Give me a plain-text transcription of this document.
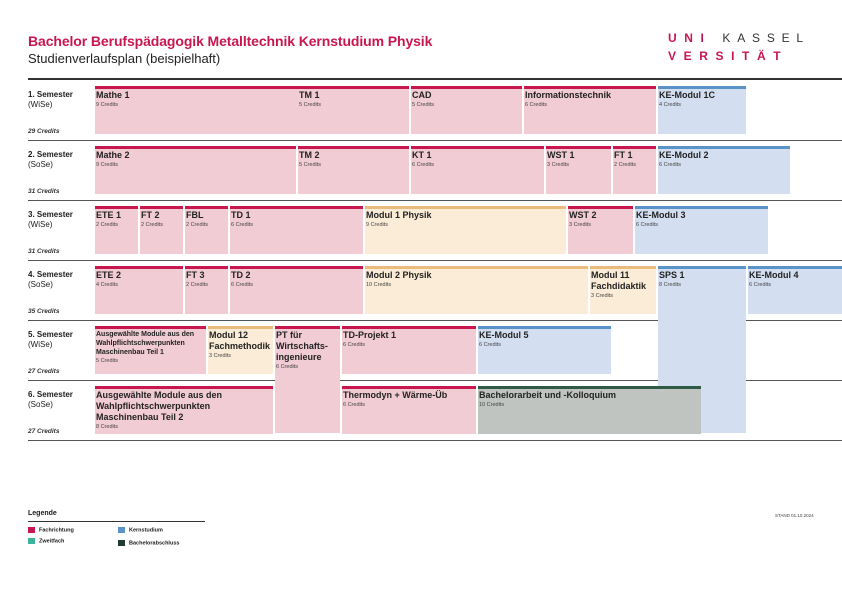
Bachelor Berufspädagogik Metalltechnik Kernstudium Physik
Studienverlaufsplan (beispielhaft)
UNI KASSEL
VERSITÄT
1. Semester
(WiSe)
29 Credits
2. Semester
(SoSe)
31 Credits
3. Semester
(WiSe)
31 Credits
4. Semester
(SoSe)
35 Credits
5. Semester
(WiSe)
27 Credits
6. Semester
(SoSe)
27 Credits
Mathe 1
9 Credits
TM 1
5 Credits
CAD
5 Credits
Informationstechnik
6 Credits
KE-Modul 1C
4 Credits
Mathe 2
9 Credits
TM 2
5 Credits
KT 1
6 Credits
WST 1
3 Credits
FT 1
2 Credits
KE-Modul 2
6 Credits
ETE 1
2 Credits
FT 2
2 Credits
FBL
2 Credits
TD 1
6 Credits
Modul 1 Physik
9 Credits
WST 2
3 Credits
KE-Modul 3
6 Credits
ETE 2
4 Credits
FT 3
2 Credits
TD 2
6 Credits
Modul 2 Physik
10 Credits
Modul 11
Fachdidaktik
3 Credits
SPS 1
8 Credits
KE-Modul 4
6 Credits
Ausgewählte Module aus den
Wahlpflichtschwerpunkten
Maschinenbau Teil 1
5 Credits
Modul 12
Fachmethodik
3 Credits
PT für
Wirtschafts-
ingenieure
6 Credits
TD-Projekt 1
6 Credits
KE-Modul 5
6 Credits
Ausgewählte Module aus den
Wahlpflichtschwerpunkten
Maschinenbau Teil 2
8 Credits
Thermodyn + Wärme-Üb
6 Credits
Bachelorarbeit und -Kolloquium
10 Credits
Legende
Fachrichtung
Zweitfach
Kernstudium
Bachelorabschluss
STAND 01.10.2024
